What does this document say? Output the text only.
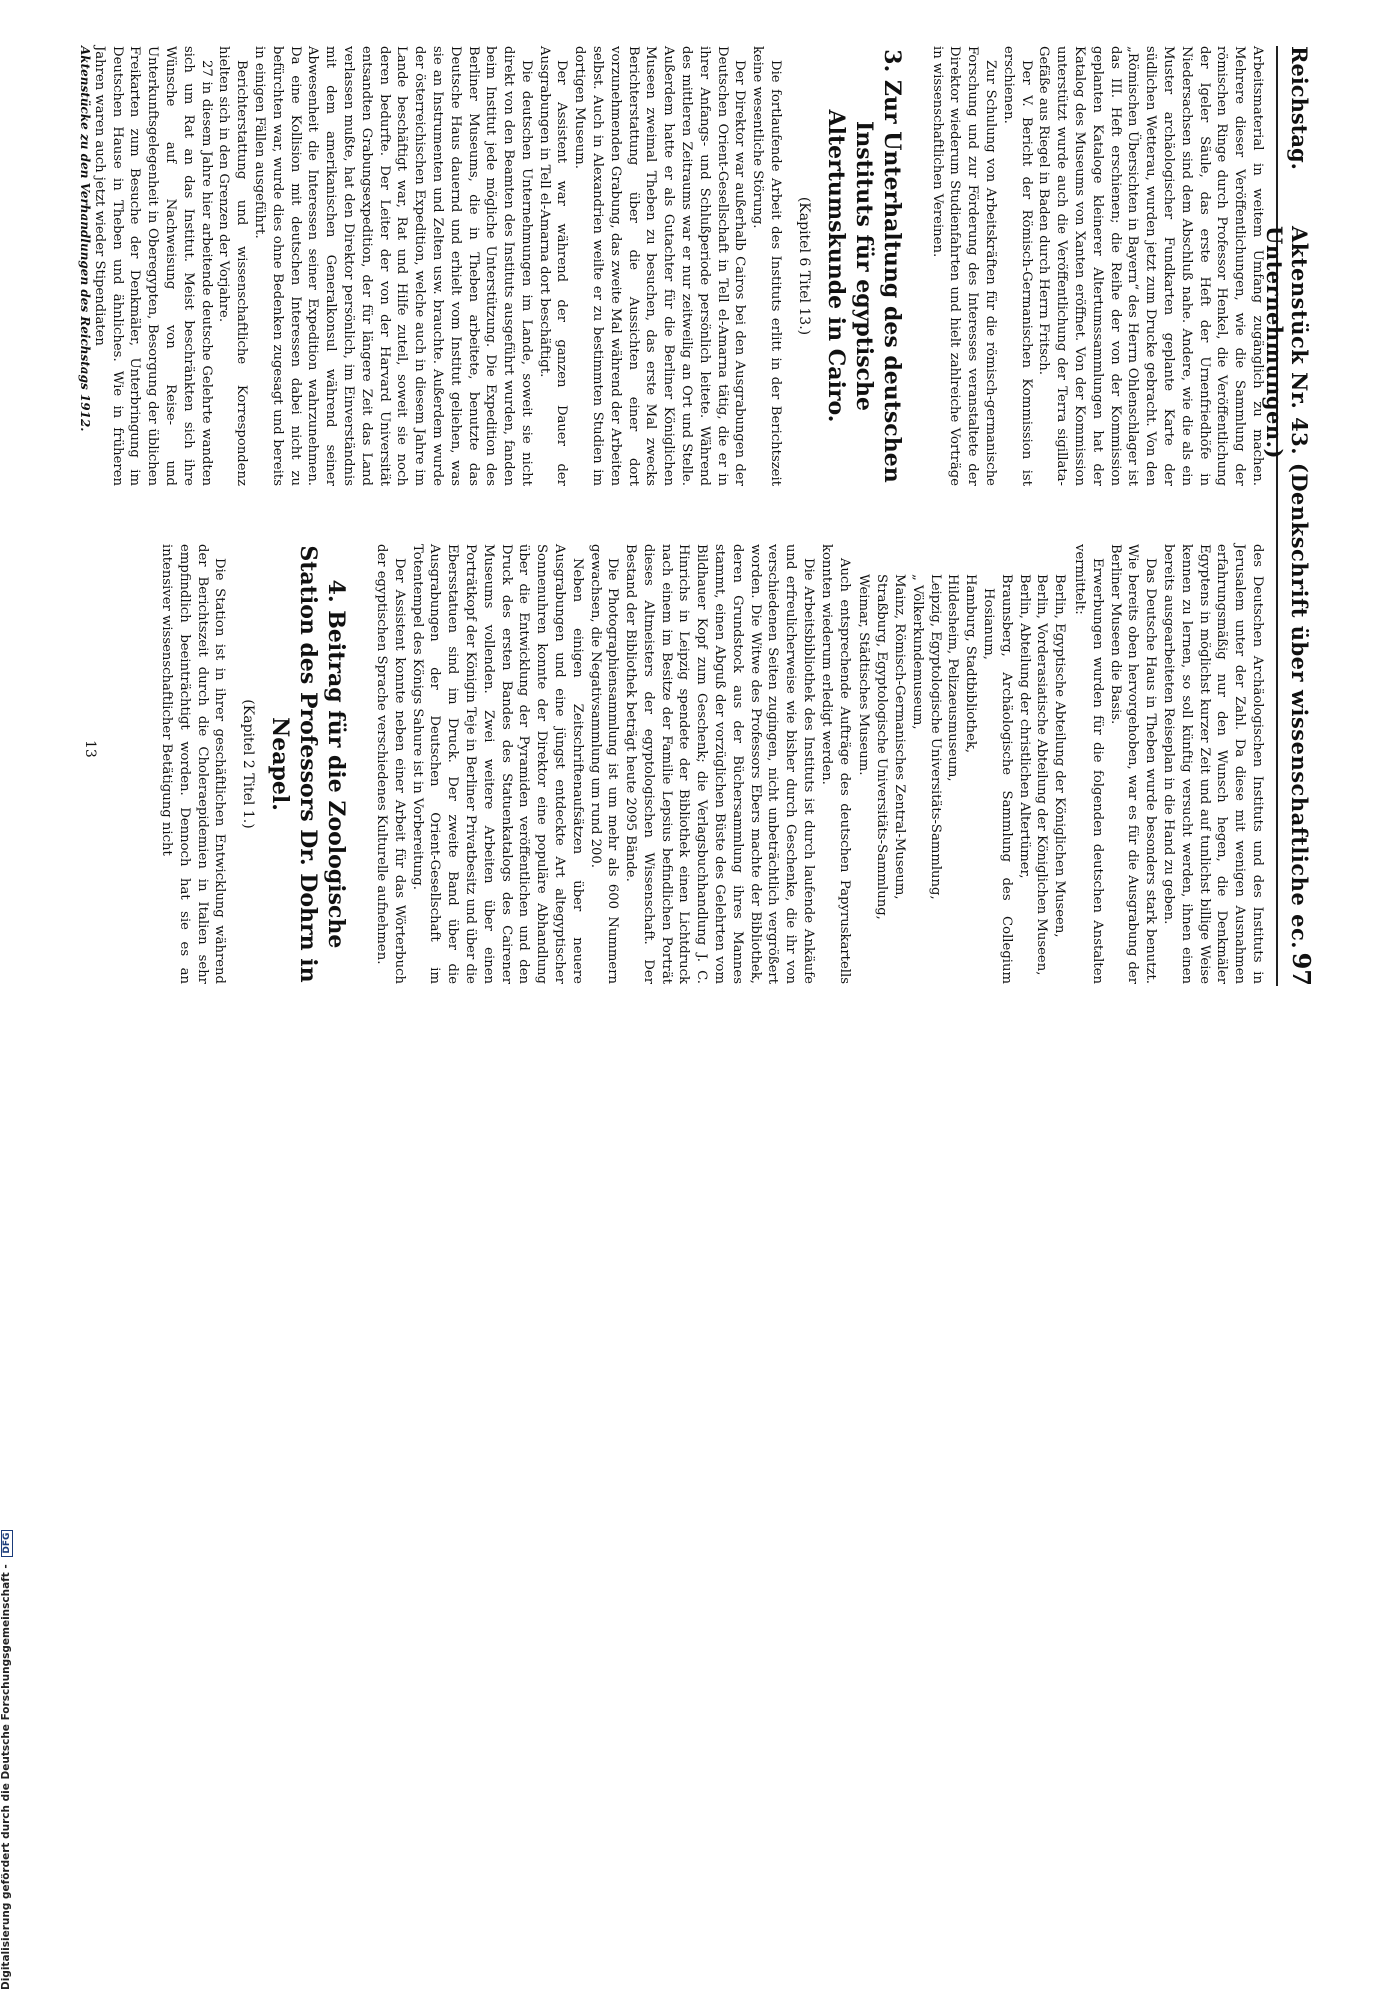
Reichstag.
Aktenstück Nr. 43. (Denkschrift über wissenschaftliche ec. Unternehmungen.)
97

Arbeitsmaterial in weitem Umfang zugänglich zu machen. Mehrere dieser Veröffentlichungen, wie die Sammlung der römischen Ringe durch Professor Henkel, die Veröffentlichung der Igeler Säule, das erste Heft der Urnenfriedhöfe in Niedersachsen sind dem Abschluß nahe. Andere, wie die als ein Muster archäologischer Fundkarten geplante Karte der südlichen Wetterau, wurden jetzt zum Drucke gebracht. Von den „Römischen Übersichten in Bayern“ des Herrn Ohlenschlager ist das III. Heft erschienen; die Reihe der von der Kommission geplanten Kataloge kleinerer Altertumssammlungen hat der Katalog des Museums von Xanten eröffnet. Von der Kommission unterstützt wurde auch die Veröffentlichung der Terra sigillata-Gefäße aus Riegel in Baden durch Herrn Fritsch.

Der V. Bericht der Römisch-Germanischen Kommission ist erschienen.

Zur Schulung von Arbeitskräften für die römisch-germanische Forschung und zur Förderung des Interesses veranstaltete der Direktor wiederum Studienfahrten und hielt zahlreiche Vorträge in wissenschaftlichen Vereinen.

3. Zur Unterhaltung des deutschen Instituts für egyptische Altertumskunde in Cairo.
(Kapitel 6 Titel 13.)

Die fortlaufende Arbeit des Instituts erlitt in der Berichtszeit keine wesentliche Störung.

Der Direktor war außerhalb Cairos bei den Ausgrabungen der Deutschen Orient-Gesellschaft in Tell el-Amarna tätig, die er in ihrer Anfangs- und Schlußperiode persönlich leitete. Während des mittleren Zeitraums war er nur zeitweilig an Ort und Stelle. Außerdem hatte er als Gutachter für die Berliner Königlichen Museen zweimal Theben zu besuchen, das erste Mal zwecks Berichterstattung über die Aussichten einer dort vorzunehmenden Grabung, das zweite Mal während der Arbeiten selbst. Auch in Alexandrien weilte er zu bestimmten Studien im dortigen Museum.

Der Assistent war während der ganzen Dauer der Ausgrabungen in Tell el-Amarna dort beschäftigt.

Die deutschen Unternehmungen im Lande, soweit sie nicht direkt von den Beamten des Instituts ausgeführt wurden, fanden beim Institut jede mögliche Unterstützung. Die Expedition des Berliner Museums, die in Theben arbeitete, benutzte das Deutsche Haus dauernd und erhielt vom Institut geliehen, was sie an Instrumenten und Zelten usw. brauchte. Außerdem wurde der österreichischen Expedition, welche auch in diesem Jahre im Lande beschäftigt war, Rat und Hilfe zuteil, soweit sie noch deren bedurfte. Der Leiter der von der Harvard Universität entsandten Grabungsexpedition, der für längere Zeit das Land verlassen mußte, hat den Direktor persönlich, im Einverständnis mit dem amerikanischen Generalkonsul während seiner Abwesenheit die Interessen seiner Expedition wahrzunehmen. Da eine Kollision mit deutschen Interessen dabei nicht zu befürchten war, wurde dies ohne Bedenken zugesagt und bereits in einigen Fällen ausgeführt.

Berichterstattung und wissenschaftliche Korrespondenz hielten sich in den Grenzen der Vorjahre.

27 in diesem Jahre hier arbeitende deutsche Gelehrte wandten sich um Rat an das Institut. Meist beschränkten sich ihre Wünsche auf Nachweisung von Reise- und Unterkunftsgelegenheit in Oberegypten, Besorgung der üblichen Freikarten zum Besuche der Denkmäler, Unterbringung im Deutschen Hause in Theben und ähnliches. Wie in früheren Jahren waren auch jetzt wieder Stipendiaten

des Deutschen Archäologischen Instituts und des Instituts in Jerusalem unter der Zahl. Da diese mit wenigen Ausnahmen erfahrungsmäßig nur den Wunsch hegen, die Denkmäler Egyptens in möglichst kurzer Zeit und auf tunlichst billige Weise kennen zu lernen, so soll künftig versucht werden, ihnen einen bereits ausgearbeiteten Reiseplan in die Hand zu geben.

Das Deutsche Haus in Theben wurde besonders stark benutzt. Wie bereits oben hervorgehoben, war es für die Ausgrabung der Berliner Museen die Basis.

Erwerbungen wurden für die folgenden deutschen Anstalten vermittelt:

Berlin, Egyptische Abteilung der Königlichen Museen,
Berlin, Vorderasiatische Abteilung der Königlichen Museen,
Berlin, Abteilung der christlichen Altertümer,
Braunsberg, Archäologische Sammlung des Collegium Hosianum,
Hamburg, Stadtbibliothek,
Hildesheim, Pelizaeusmuseum,
Leipzig, Egyptologische Universitäts-Sammlung,
„ Völkerkundemuseum,
Mainz, Römisch-Germanisches Zentral-Museum,
Straßburg, Egyptologische Universitäts-Sammlung,
Weimar, Städtisches Museum.

Auch entsprechende Aufträge des deutschen Papyruskartells konnten wiederum erledigt werden.

Die Arbeitsbibliothek des Instituts ist durch laufende Ankäufe und erfreulicherweise wie bisher durch Geschenke, die ihr von verschiedenen Seiten zugingen, nicht unbeträchtlich vergrößert worden. Die Witwe des Professors Ebers machte der Bibliothek, deren Grundstock aus der Büchersammlung ihres Mannes stammt, einen Abguß der vorzüglichen Büste des Gelehrten vom Bildhauer Kopf zum Geschenk; die Verlagsbuchhandlung J. C. Hinrichs in Leipzig spendete der Bibliothek einen Lichtdruck nach einem im Besitze der Familie Lepsius befindlichen Porträt dieses Altmeisters der egyptologischen Wissenschaft. Der Bestand der Bibliothek beträgt heute 2095 Bände.

Die Photographiensammlung ist um mehr als 600 Nummern gewachsen, die Negativsammlung um rund 200.

Neben einigen Zeitschriftenaufsätzen über neuere Ausgrabungen und eine jüngst entdeckte Art altegyptischer Sonnenuhren konnte der Direktor eine populäre Abhandlung über die Entwicklung der Pyramiden veröffentlichen und den Druck des ersten Bandes des Statuenkatalogs des Cairener Museums vollenden. Zwei weitere Arbeiten über einen Porträtkopf der Königin Teje in Berliner Privatbesitz und über die Ebersstatuen sind im Druck. Der zweite Band über die Ausgrabungen der Deutschen Orient-Gesellschaft im Totentempel des Königs Sahure ist in Vorbereitung.

Der Assistent konnte neben einer Arbeit für das Wörterbuch der egyptischen Sprache verschiedenes Kulturelle aufnehmen.

4. Beitrag für die Zoologische Station des Professors Dr. Dohrn in Neapel.
(Kapitel 2 Titel 1.)

Die Station ist in ihrer geschäftlichen Entwicklung während der Berichtszeit durch die Choleraepidemien in Italien sehr empfindlich beeinträchtigt worden. Dennoch hat sie es an intensiver wissenschaftlicher Betätigung nicht

Aktenstücke zu den Verhandlungen des Reichstags 1912.
13
Digitalisierung gefördert durch die Deutsche Forschungsgemeinschaft - DFG
